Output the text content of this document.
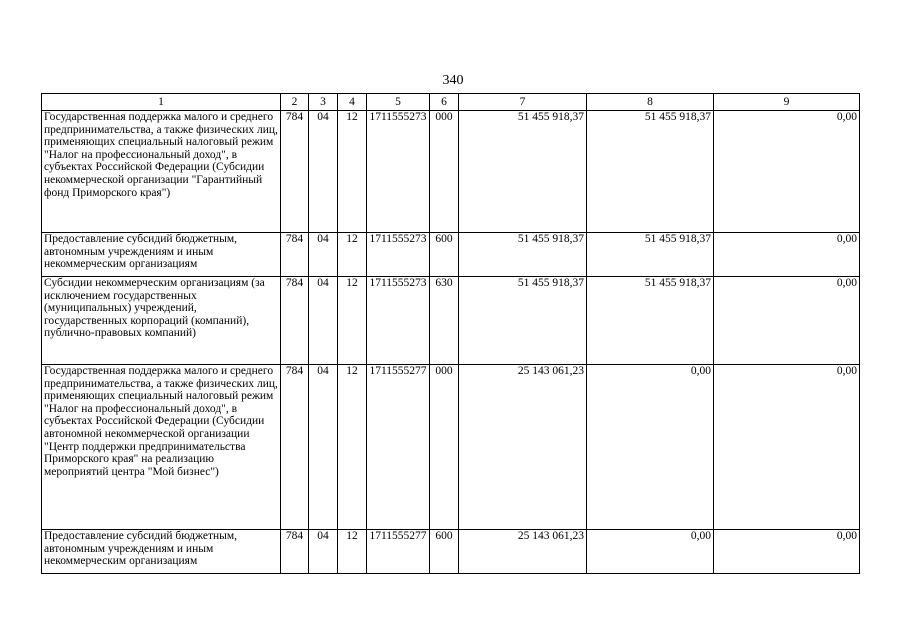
340
1	2	3	4	5	6	7	8	9
Государственная поддержка малого и среднего предпринимательства, а также физических лиц, применяющих специальный налоговый режим "Налог на профессиональный доход", в субъектах Российской Федерации (Субсидии некоммерческой организации "Гарантийный фонд Приморского края")	784	04	12	1711555273	000	51 455 918,37	51 455 918,37	0,00
Предоставление субсидий бюджетным, автономным учреждениям и иным некоммерческим организациям	784	04	12	1711555273	600	51 455 918,37	51 455 918,37	0,00
Субсидии некоммерческим организациям (за исключением государственных (муниципальных) учреждений, государственных корпораций (компаний), публично-правовых компаний)	784	04	12	1711555273	630	51 455 918,37	51 455 918,37	0,00
Государственная поддержка малого и среднего предпринимательства, а также физических лиц, применяющих специальный налоговый режим "Налог на профессиональный доход", в субъектах Российской Федерации (Субсидии автономной некоммерческой организации "Центр поддержки предпринимательства Приморского края" на реализацию мероприятий центра "Мой бизнес")	784	04	12	1711555277	000	25 143 061,23	0,00	0,00
Предоставление субсидий бюджетным, автономным учреждениям и иным некоммерческим организациям	784	04	12	1711555277	600	25 143 061,23	0,00	0,00
